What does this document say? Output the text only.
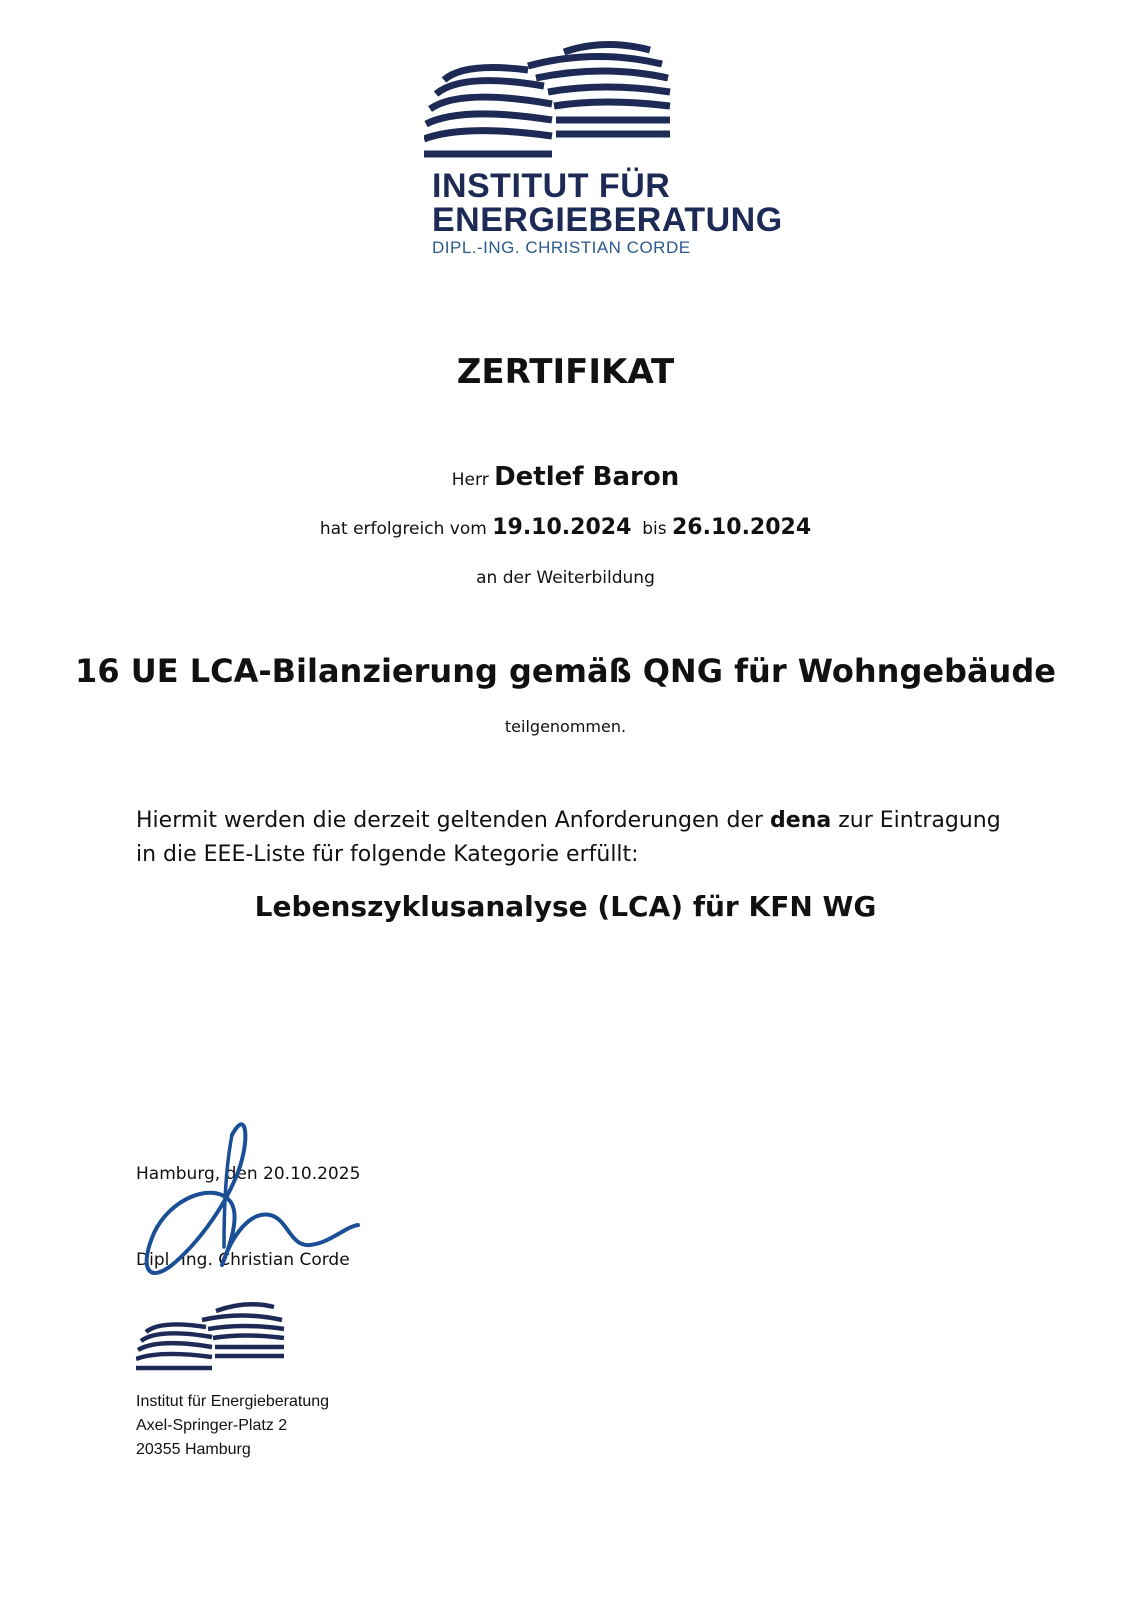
INSTITUT FÜR
ENERGIEBERATUNG
DIPL.-ING. CHRISTIAN CORDE
ZERTIFIKAT
Herr Detlef Baron
hat erfolgreich vom 19.10.2024 bis 26.10.2024
an der Weiterbildung
16 UE LCA-Bilanzierung gemäß QNG für Wohngebäude
teilgenommen.
Hiermit werden die derzeit geltenden Anforderungen der dena zur Eintragung
in die EEE-Liste für folgende Kategorie erfüllt:
Lebenszyklusanalyse (LCA) für KFN WG
Hamburg, den 20.10.2025
Dipl.-Ing. Christian Corde
Institut für Energieberatung
Axel-Springer-Platz 2
20355 Hamburg
